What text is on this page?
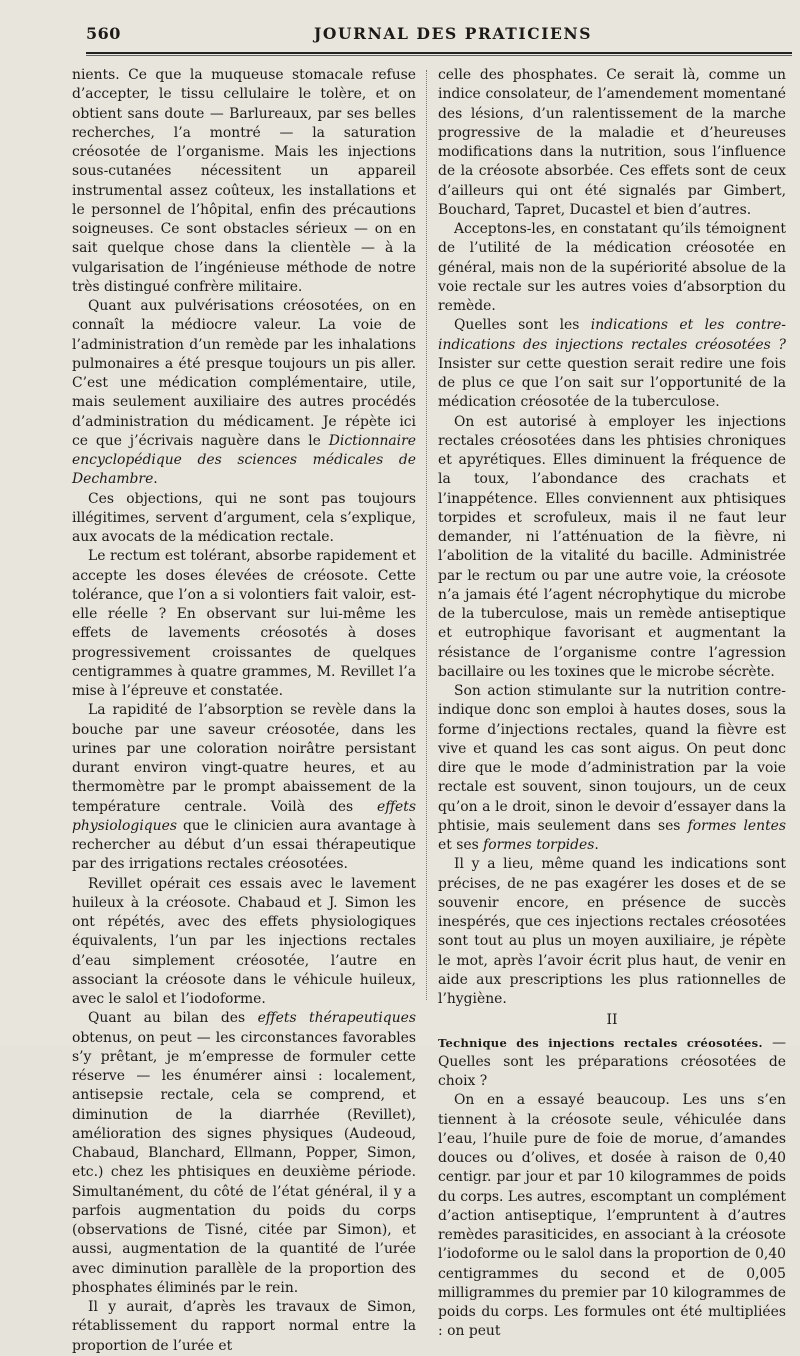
560	JOURNAL DES PRATICIENS

nients. Ce que la muqueuse stomacale refuse d’accepter, le tissu cellulaire le tolère, et on obtient sans doute — Barlureaux, par ses belles recherches, l’a montré — la saturation créosotée de l’organisme. Mais les injections sous-cutanées nécessitent un appareil instrumental assez coûteux, les installations et le personnel de l’hôpital, enfin des précautions soigneuses. Ce sont obstacles sérieux — on en sait quelque chose dans la clientèle — à la vulgarisation de l’ingénieuse méthode de notre très distingué confrère militaire.

Quant aux pulvérisations créosotées, on en connaît la médiocre valeur. La voie de l’administration d’un remède par les inhalations pulmonaires a été presque toujours un pis aller. C’est une médication complémentaire, utile, mais seulement auxiliaire des autres procédés d’administration du médicament. Je répète ici ce que j’écrivais naguère dans le Dictionnaire encyclopédique des sciences médicales de Dechambre.

Ces objections, qui ne sont pas toujours illégitimes, servent d’argument, cela s’explique, aux avocats de la médication rectale.

Le rectum est tolérant, absorbe rapidement et accepte les doses élevées de créosote. Cette tolérance, que l’on a si volontiers fait valoir, est-elle réelle ? En observant sur lui-même les effets de lavements créosotés à doses progressivement croissantes de quelques centigrammes à quatre grammes, M. Revillet l’a mise à l’épreuve et constatée.

La rapidité de l’absorption se revèle dans la bouche par une saveur créosotée, dans les urines par une coloration noirâtre persistant durant environ vingt-quatre heures, et au thermomètre par le prompt abaissement de la température centrale. Voilà des effets physiologiques que le clinicien aura avantage à rechercher au début d’un essai thérapeutique par des irrigations rectales créosotées.

Revillet opérait ces essais avec le lavement huileux à la créosote. Chabaud et J. Simon les ont répétés, avec des effets physiologiques équivalents, l’un par les injections rectales d’eau simplement créosotée, l’autre en associant la créosote dans le véhicule huileux, avec le salol et l’iodoforme.

Quant au bilan des effets thérapeutiques obtenus, on peut — les circonstances favorables s’y prêtant, je m’empresse de formuler cette réserve — les énumérer ainsi : localement, antisepsie rectale, cela se comprend, et diminution de la diarrhée (Revillet), amélioration des signes physiques (Audeoud, Chabaud, Blanchard, Ellmann, Popper, Simon, etc.) chez les phtisiques en deuxième période. Simultanément, du côté de l’état général, il y a parfois augmentation du poids du corps (observations de Tisné, citée par Simon), et aussi, augmentation de la quantité de l’urée avec diminution parallèle de la proportion des phosphates éliminés par le rein.

Il y aurait, d’après les travaux de Simon, rétablissement du rapport normal entre la proportion de l’urée et

celle des phosphates. Ce serait là, comme un indice consolateur, de l’amendement momentané des lésions, d’un ralentissement de la marche progressive de la maladie et d’heureuses modifications dans la nutrition, sous l’influence de la créosote absorbée. Ces effets sont de ceux d’ailleurs qui ont été signalés par Gimbert, Bouchard, Tapret, Ducastel et bien d’autres.

Acceptons-les, en constatant qu’ils témoignent de l’utilité de la médication créosotée en général, mais non de la supériorité absolue de la voie rectale sur les autres voies d’absorption du remède.

Quelles sont les indications et les contre-indications des injections rectales créosotées ? Insister sur cette question serait redire une fois de plus ce que l’on sait sur l’opportunité de la médication créosotée de la tuberculose.

On est autorisé à employer les injections rectales créosotées dans les phtisies chroniques et apyrétiques. Elles diminuent la fréquence de la toux, l’abondance des crachats et l’inappétence. Elles conviennent aux phtisiques torpides et scrofuleux, mais il ne faut leur demander, ni l’atténuation de la fièvre, ni l’abolition de la vitalité du bacille. Administrée par le rectum ou par une autre voie, la créosote n’a jamais été l’agent nécrophytique du microbe de la tuberculose, mais un remède antiseptique et eutrophique favorisant et augmentant la résistance de l’organisme contre l’agression bacillaire ou les toxines que le microbe sécrète.

Son action stimulante sur la nutrition contre-indique donc son emploi à hautes doses, sous la forme d’injections rectales, quand la fièvre est vive et quand les cas sont aigus. On peut donc dire que le mode d’administration par la voie rectale est souvent, sinon toujours, un de ceux qu’on a le droit, sinon le devoir d’essayer dans la phtisie, mais seulement dans ses formes lentes et ses formes torpides.

Il y a lieu, même quand les indications sont précises, de ne pas exagérer les doses et de se souvenir encore, en présence de succès inespérés, que ces injections rectales créosotées sont tout au plus un moyen auxiliaire, je répète le mot, après l’avoir écrit plus haut, de venir en aide aux prescriptions les plus rationnelles de l’hygiène.

II

Technique des injections rectales créosotées. — Quelles sont les préparations créosotées de choix ?

On en a essayé beaucoup. Les uns s’en tiennent à la créosote seule, véhiculée dans l’eau, l’huile pure de foie de morue, d’amandes douces ou d’olives, et dosée à raison de 0,40 centigr. par jour et par 10 kilogrammes de poids du corps. Les autres, escomptant un complément d’action antiseptique, l’empruntent à d’autres remèdes parasiticides, en associant à la créosote l’iodoforme ou le salol dans la proportion de 0,40 centigrammes du second et de 0,005 milligrammes du premier par 10 kilogrammes de poids du corps. Les formules ont été multipliées : on peut
